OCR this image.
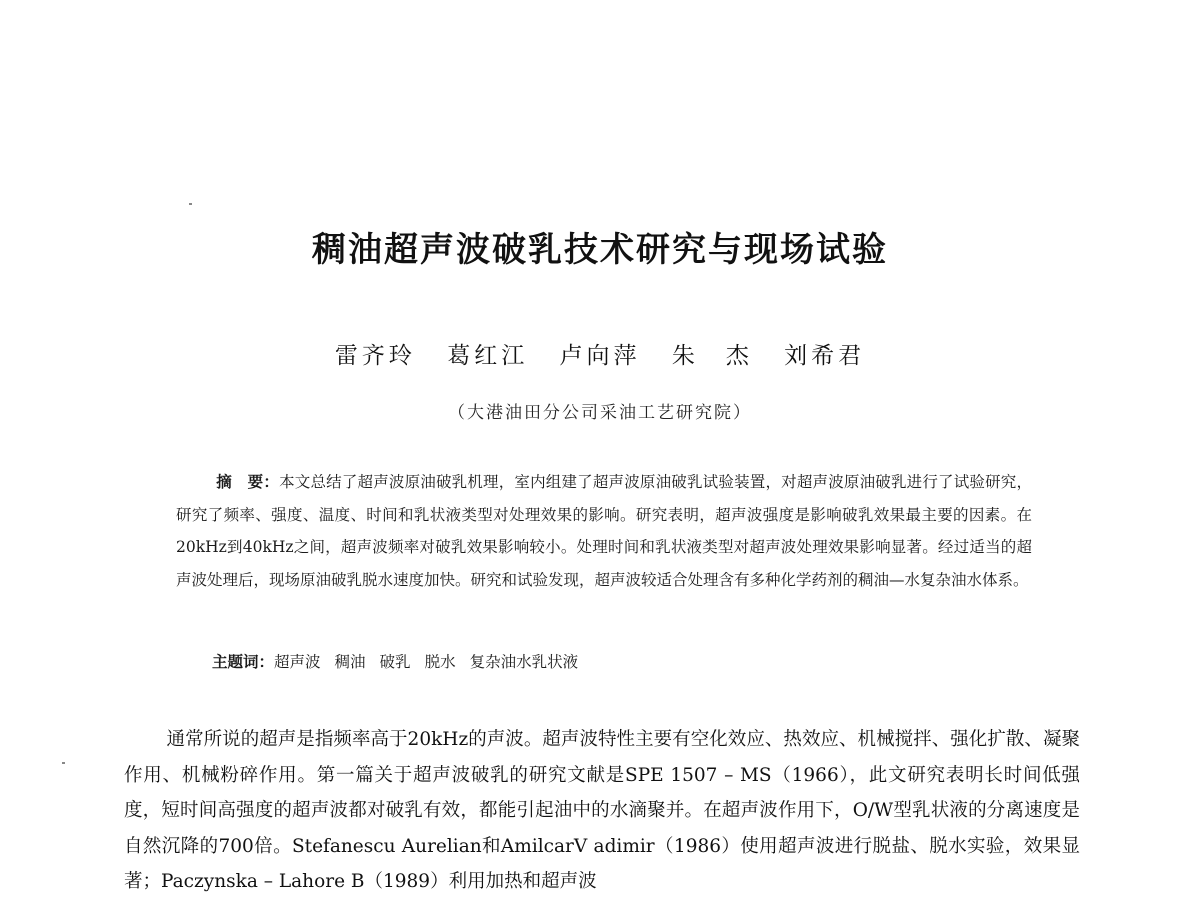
稠油超声波破乳技术研究与现场试验
雷齐玲 葛红江 卢向萍 朱　杰 刘希君
（大港油田分公司采油工艺研究院）
摘　要：本文总结了超声波原油破乳机理，室内组建了超声波原油破乳试验装置，对超声波原油破乳进行了试验研究，研究了频率、强度、温度、时间和乳状液类型对处理效果的影响。研究表明，超声波强度是影响破乳效果最主要的因素。在20kHz到40kHz之间，超声波频率对破乳效果影响较小。处理时间和乳状液类型对超声波处理效果影响显著。经过适当的超声波处理后，现场原油破乳脱水速度加快。研究和试验发现，超声波较适合处理含有多种化学药剂的稠油—水复杂油水体系。
主题词：超声波 稠油 破乳 脱水 复杂油水乳状液
通常所说的超声是指频率高于20kHz的声波。超声波特性主要有空化效应、热效应、机械搅拌、强化扩散、凝聚作用、机械粉碎作用。第一篇关于超声波破乳的研究文献是SPE 1507 – MS（1966），此文研究表明长时间低强度，短时间高强度的超声波都对破乳有效，都能引起油中的水滴聚并。在超声波作用下，O/W型乳状液的分离速度是自然沉降的700倍。Stefanescu Aurelian和AmilcarV adimir（1986）使用超声波进行脱盐、脱水实验，效果显著；Paczynska – Lahore B（1989）利用加热和超声波
